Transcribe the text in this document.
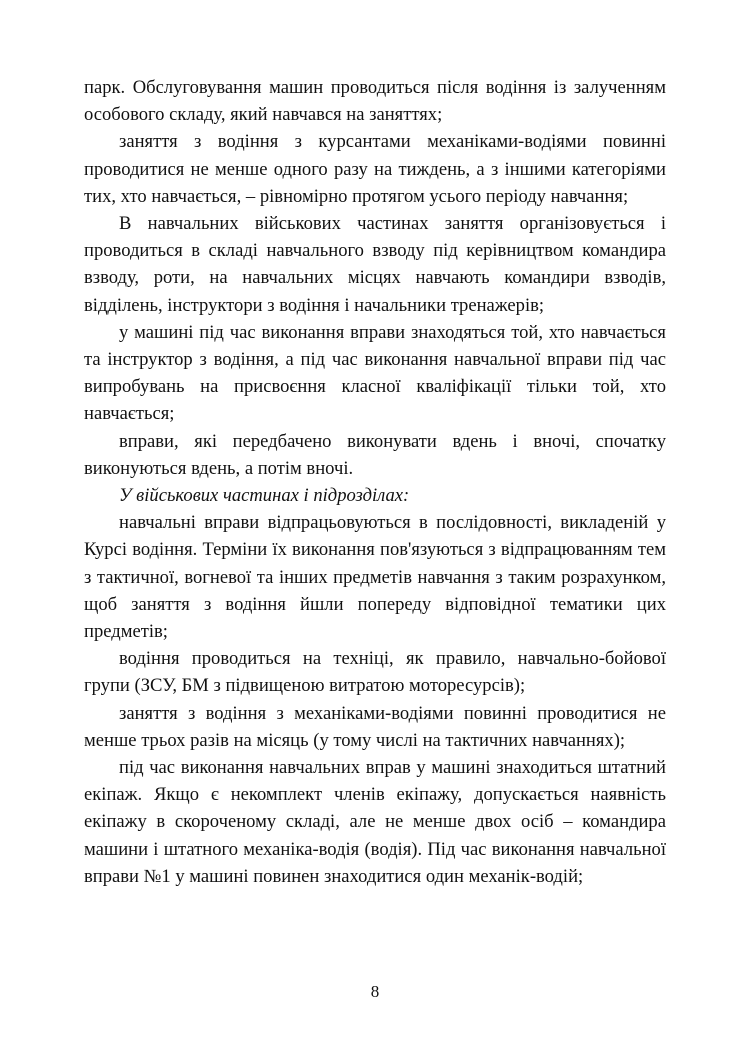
парк. Обслуговування машин проводиться після водіння із залученням особового складу, який навчався на заняттях;

заняття з водіння з курсантами механіками-водіями повинні проводитися не менше одного разу на тиждень, а з іншими категоріями тих, хто навчається, – рівномірно протягом усього періоду навчання;

В навчальних військових частинах заняття організовується і проводиться в складі навчального взводу під керівництвом командира взводу, роти, на навчальних місцях навчають командири взводів, відділень, інструктори з водіння і начальники тренажерів;

у машині під час виконання вправи знаходяться той, хто навчається та інструктор з водіння, а під час виконання навчальної вправи під час випробувань на присвоєння класної кваліфікації тільки той, хто навчається;

вправи, які передбачено виконувати вдень і вночі, спочатку виконуються вдень, а потім вночі.

У військових частинах і підрозділах:

навчальні вправи відпрацьовуються в послідовності, викладеній у Курсі водіння. Терміни їх виконання пов'язуються з відпрацюванням тем з тактичної, вогневої та інших предметів навчання з таким розрахунком, щоб заняття з водіння йшли попереду відповідної тематики цих предметів;

водіння проводиться на техніці, як правило, навчально-бойової групи (ЗСУ, БМ з підвищеною витратою моторесурсів);

заняття з водіння з механіками-водіями повинні проводитися не менше трьох разів на місяць (у тому числі на тактичних навчаннях);

під час виконання навчальних вправ у машині знаходиться штатний екіпаж. Якщо є некомплект членів екіпажу, допускається наявність екіпажу в скороченому складі, але не менше двох осіб – командира машини і штатного механіка-водія (водія). Під час виконання навчальної вправи №1 у машині повинен знаходитися один механік-водій;

8
